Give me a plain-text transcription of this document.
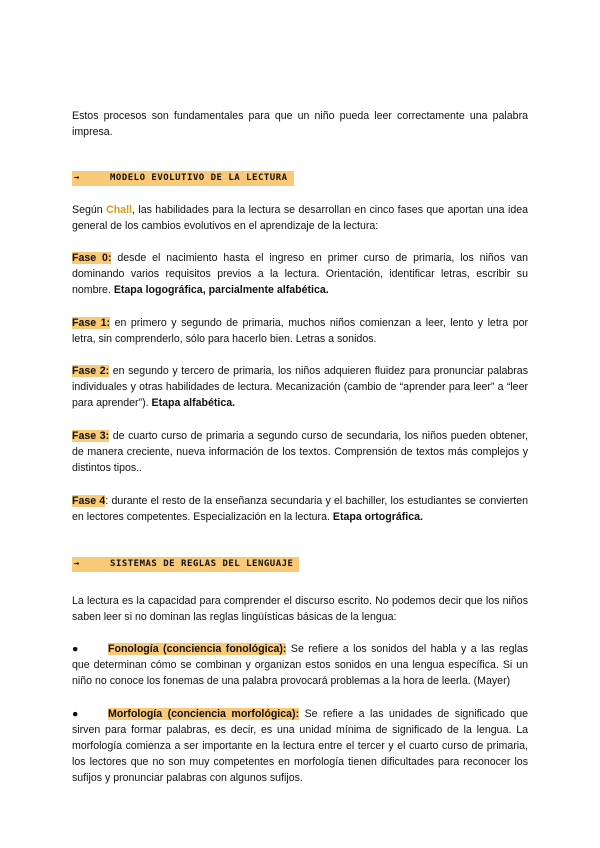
Estos procesos son fundamentales para que un niño pueda leer correctamente una palabra impresa.

→	MODELO EVOLUTIVO DE LA LECTURA

Según Chall, las habilidades para la lectura se desarrollan en cinco fases que aportan una idea general de los cambios evolutivos en el aprendizaje de la lectura:

Fase 0: desde el nacimiento hasta el ingreso en primer curso de primaria, los niños van dominando varios requisitos previos a la lectura. Orientación, identificar letras, escribir su nombre. Etapa logográfica, parcialmente alfabética.

Fase 1: en primero y segundo de primaria, muchos niños comienzan a leer, lento y letra por letra, sin comprenderlo, sólo para hacerlo bien. Letras a sonidos.

Fase 2: en segundo y tercero de primaria, los niños adquieren fluidez para pronunciar palabras individuales y otras habilidades de lectura. Mecanización (cambio de “aprender para leer” a “leer para aprender”). Etapa alfabética.

Fase 3: de cuarto curso de primaria a segundo curso de secundaria, los niños pueden obtener, de manera creciente, nueva información de los textos. Comprensión de textos más complejos y distintos tipos..

Fase 4: durante el resto de la enseñanza secundaria y el bachiller, los estudiantes se convierten en lectores competentes. Especialización en la lectura. Etapa ortográfica.

→	SISTEMAS DE REGLAS DEL LENGUAJE

La lectura es la capacidad para comprender el discurso escrito. No podemos decir que los niños saben leer si no dominan las reglas lingüísticas básicas de la lengua:

●	Fonología (conciencia fonológica): Se refiere a los sonidos del habla y a las reglas que determinan cómo se combinan y organizan estos sonidos en una lengua específica. Si un niño no conoce los fonemas de una palabra provocará problemas a la hora de leerla. (Mayer)

●	Morfología (conciencia morfológica): Se refiere a las unidades de significado que sirven para formar palabras, es decir, es una unidad mínima de significado de la lengua. La morfología comienza a ser importante en la lectura entre el tercer y el cuarto curso de primaria, los lectores que no son muy competentes en morfología tienen dificultades para reconocer los sufijos y pronunciar palabras con algunos sufijos.
